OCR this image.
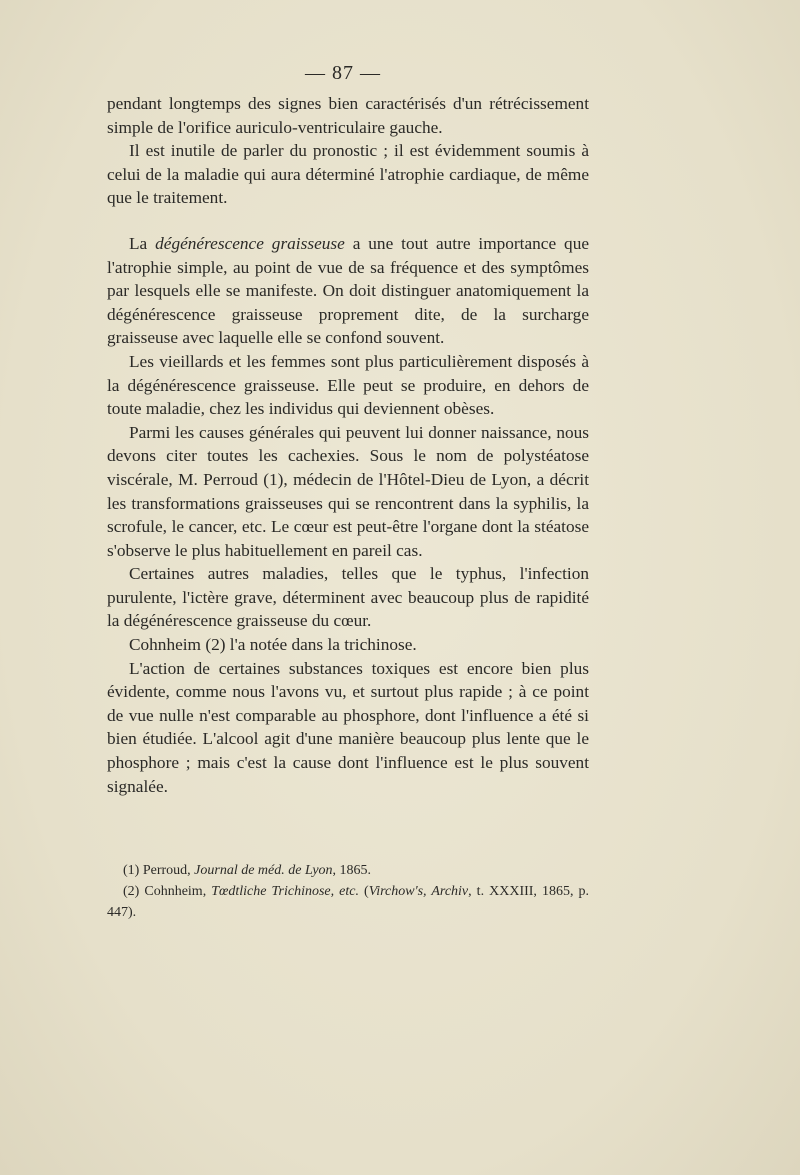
— 87 —

pendant longtemps des signes bien caractérisés d'un rétrécissement simple de l'orifice auriculo-ventriculaire gauche.

Il est inutile de parler du pronostic ; il est évidemment soumis à celui de la maladie qui aura déterminé l'atrophie cardiaque, de même que le traitement.

La dégénérescence graisseuse a une tout autre importance que l'atrophie simple, au point de vue de sa fréquence et des symptômes par lesquels elle se manifeste. On doit distinguer anatomiquement la dégénérescence graisseuse proprement dite, de la surcharge graisseuse avec laquelle elle se confond souvent.

Les vieillards et les femmes sont plus particulièrement disposés à la dégénérescence graisseuse. Elle peut se produire, en dehors de toute maladie, chez les individus qui deviennent obèses.

Parmi les causes générales qui peuvent lui donner naissance, nous devons citer toutes les cachexies. Sous le nom de polystéatose viscérale, M. Perroud (1), médecin de l'Hôtel-Dieu de Lyon, a décrit les transformations graisseuses qui se rencontrent dans la syphilis, la scrofule, le cancer, etc. Le cœur est peut-être l'organe dont la stéatose s'observe le plus habituellement en pareil cas.

Certaines autres maladies, telles que le typhus, l'infection purulente, l'ictère grave, déterminent avec beaucoup plus de rapidité la dégénérescence graisseuse du cœur.

Cohnheim (2) l'a notée dans la trichinose.

L'action de certaines substances toxiques est encore bien plus évidente, comme nous l'avons vu, et surtout plus rapide ; à ce point de vue nulle n'est comparable au phosphore, dont l'influence a été si bien étudiée. L'alcool agit d'une manière beaucoup plus lente que le phosphore ; mais c'est la cause dont l'influence est le plus souvent signalée.

(1) Perroud, Journal de méd. de Lyon, 1865.

(2) Cohnheim, Tœdtliche Trichinose, etc. (Virchow's, Archiv, t. XXXIII, 1865, p. 447).
